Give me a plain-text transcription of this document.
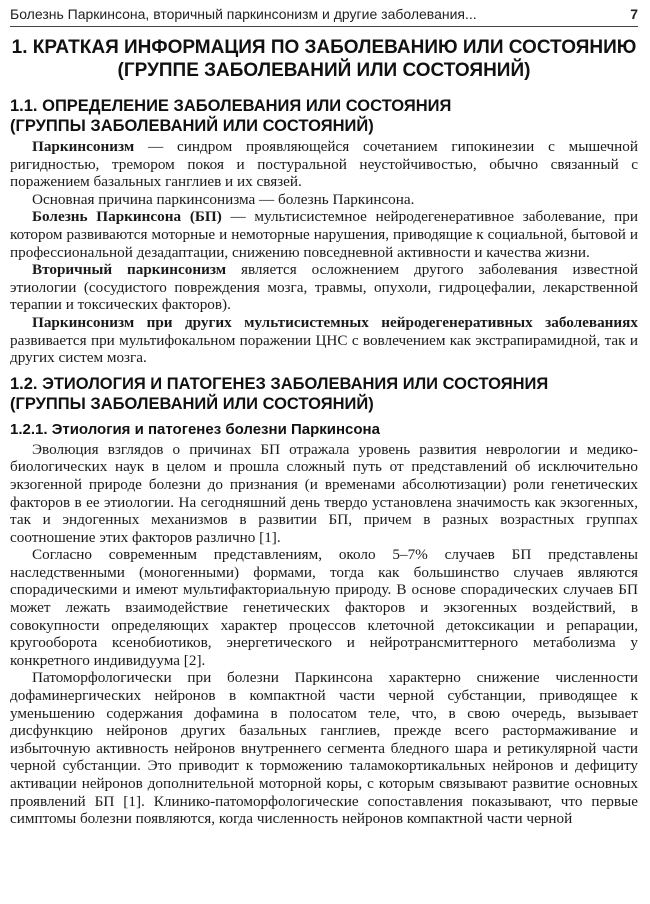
Болезнь Паркинсона, вторичный паркинсонизм и другие заболевания...	7
1. КРАТКАЯ ИНФОРМАЦИЯ ПО ЗАБОЛЕВАНИЮ ИЛИ СОСТОЯНИЮ
(ГРУППЕ ЗАБОЛЕВАНИЙ ИЛИ СОСТОЯНИЙ)
1.1. ОПРЕДЕЛЕНИЕ ЗАБОЛЕВАНИЯ ИЛИ СОСТОЯНИЯ
(ГРУППЫ ЗАБОЛЕВАНИЙ ИЛИ СОСТОЯНИЙ)

Паркинсонизм — синдром проявляющейся сочетанием гипокинезии с мышечной ригидностью, тремором покоя и постуральной неустойчивостью, обычно связанный с поражением базальных ганглиев и их связей.

Основная причина паркинсонизма — болезнь Паркинсона.

Болезнь Паркинсона (БП) — мультисистемное нейродегенеративное заболевание, при котором развиваются моторные и немоторные нарушения, приводящие к социальной, бытовой и профессиональной дезадаптации, снижению повседневной активности и качества жизни.

Вторичный паркинсонизм является осложнением другого заболевания известной этиологии (сосудистого повреждения мозга, травмы, опухоли, гидроцефалии, лекарственной терапии и токсических факторов).

Паркинсонизм при других мультисистемных нейродегенеративных заболеваниях развивается при мультифокальном поражении ЦНС с вовлечением как экстрапирамидной, так и других систем мозга.

1.2. ЭТИОЛОГИЯ И ПАТОГЕНЕЗ ЗАБОЛЕВАНИЯ ИЛИ СОСТОЯНИЯ
(ГРУППЫ ЗАБОЛЕВАНИЙ ИЛИ СОСТОЯНИЙ)
1.2.1. Этиология и патогенез болезни Паркинсона

Эволюция взглядов о причинах БП отражала уровень развития неврологии и медико-биологических наук в целом и прошла сложный путь от представлений об исключительно экзогенной природе болезни до признания (и временами абсолютизации) роли генетических факторов в ее этиологии. На сегодняшний день твердо установлена значимость как экзогенных, так и эндогенных механизмов в развитии БП, причем в разных возрастных группах соотношение этих факторов различно [1].

Согласно современным представлениям, около 5–7% случаев БП представлены наследственными (моногенными) формами, тогда как большинство случаев являются спорадическими и имеют мультифакториальную природу. В основе спорадических случаев БП может лежать взаимодействие генетических факторов и экзогенных воздействий, в совокупности определяющих характер процессов клеточной детоксикации и репарации, кругооборота ксенобиотиков, энергетического и нейротрансмиттерного метаболизма у конкретного индивидуума [2].

Патоморфологически при болезни Паркинсона характерно снижение численности дофаминергических нейронов в компактной части черной субстанции, приводящее к уменьшению содержания дофамина в полосатом теле, что, в свою очередь, вызывает дисфункцию нейронов других базальных ганглиев, прежде всего растормаживание и избыточную активность нейронов внутреннего сегмента бледного шара и ретикулярной части черной субстанции. Это приводит к торможению таламокортикальных нейронов и дефициту активации нейронов дополнительной моторной коры, с которым связывают развитие основных проявлений БП [1]. Клинико-патоморфологические сопоставления показывают, что первые симптомы болезни появляются, когда численность нейронов компактной части черной
